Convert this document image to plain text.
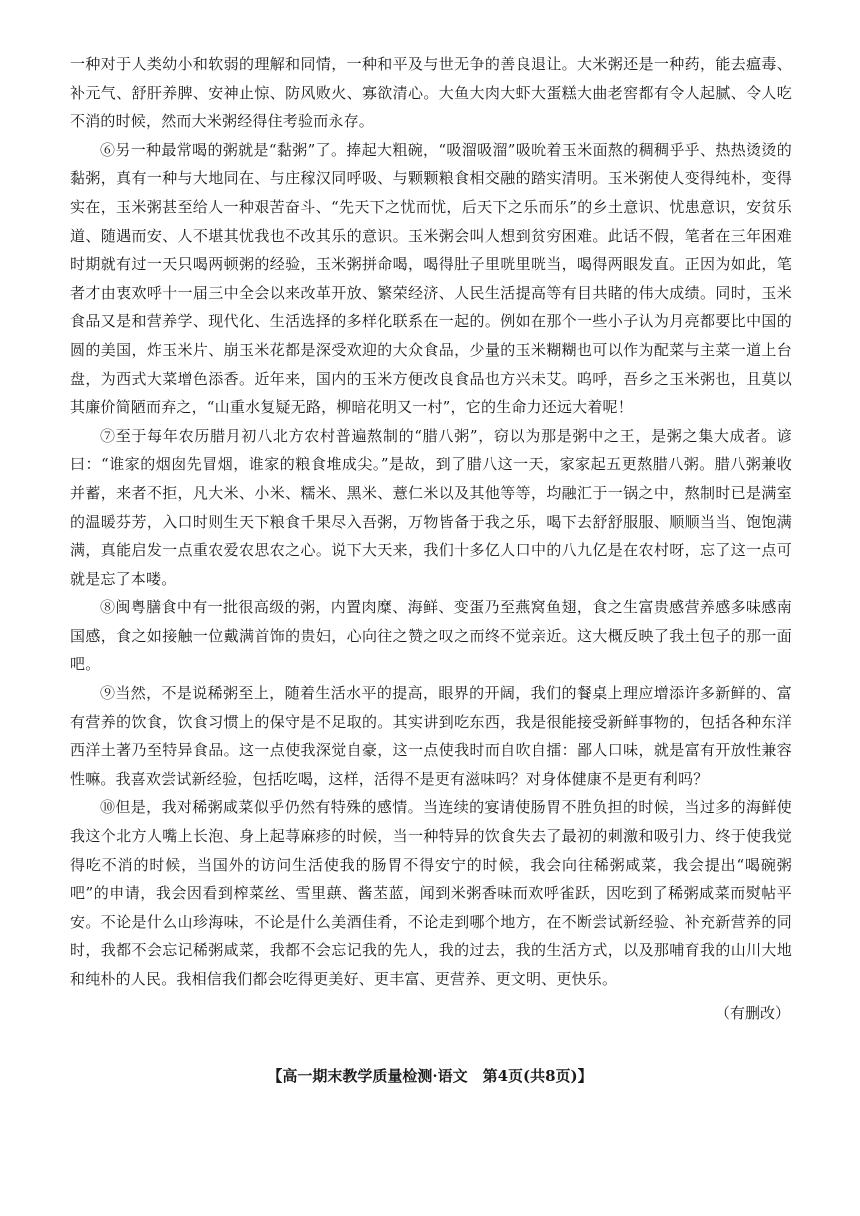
一种对于人类幼小和软弱的理解和同情，一种和平及与世无争的善良退让。大米粥还是一种药，能去瘟毒、补元气、舒肝养脾、安神止惊、防风败火、寡欲清心。大鱼大肉大虾大蛋糕大曲老窖都有令人起腻、令人吃不消的时候，然而大米粥经得住考验而永存。

⑥另一种最常喝的粥就是“黏粥”了。捧起大粗碗，“吸溜吸溜”吸吮着玉米面熬的稠稠乎乎、热热烫烫的黏粥，真有一种与大地同在、与庄稼汉同呼吸、与颗颗粮食相交融的踏实清明。玉米粥使人变得纯朴，变得实在，玉米粥甚至给人一种艰苦奋斗、“先天下之忧而忧，后天下之乐而乐”的乡土意识、忧患意识，安贫乐道、随遇而安、人不堪其忧我也不改其乐的意识。玉米粥会叫人想到贫穷困难。此话不假，笔者在三年困难时期就有过一天只喝两顿粥的经验，玉米粥拼命喝，喝得肚子里咣里咣当，喝得两眼发直。正因为如此，笔者才由衷欢呼十一届三中全会以来改革开放、繁荣经济、人民生活提高等有目共睹的伟大成绩。同时，玉米食品又是和营养学、现代化、生活选择的多样化联系在一起的。例如在那个一些小子认为月亮都要比中国的圆的美国，炸玉米片、崩玉米花都是深受欢迎的大众食品，少量的玉米糊糊也可以作为配菜与主菜一道上台盘，为西式大菜增色添香。近年来，国内的玉米方便改良食品也方兴未艾。呜呼，吾乡之玉米粥也，且莫以其廉价简陋而弃之，“山重水复疑无路，柳暗花明又一村”，它的生命力还远大着呢！

⑦至于每年农历腊月初八北方农村普遍熬制的“腊八粥”，窃以为那是粥中之王，是粥之集大成者。谚曰：“谁家的烟囱先冒烟，谁家的粮食堆成尖。”是故，到了腊八这一天，家家起五更熬腊八粥。腊八粥兼收并蓄，来者不拒，凡大米、小米、糯米、黑米、薏仁米以及其他等等，均融汇于一锅之中，熬制时已是满室的温暖芬芳，入口时则生天下粮食千果尽入吾粥，万物皆备于我之乐，喝下去舒舒服服、顺顺当当、饱饱满满，真能启发一点重农爱农思农之心。说下大天来，我们十多亿人口中的八九亿是在农村呀，忘了这一点可就是忘了本喽。

⑧闽粤膳食中有一批很高级的粥，内置肉糜、海鲜、变蛋乃至燕窝鱼翅，食之生富贵感营养感多味感南国感，食之如接触一位戴满首饰的贵妇，心向往之赞之叹之而终不觉亲近。这大概反映了我土包子的那一面吧。

⑨当然，不是说稀粥至上，随着生活水平的提高，眼界的开阔，我们的餐桌上理应增添许多新鲜的、富有营养的饮食，饮食习惯上的保守是不足取的。其实讲到吃东西，我是很能接受新鲜事物的，包括各种东洋西洋土著乃至特异食品。这一点使我深觉自豪，这一点使我时而自吹自擂：鄙人口味，就是富有开放性兼容性嘛。我喜欢尝试新经验，包括吃喝，这样，活得不是更有滋味吗？对身体健康不是更有利吗？

⑩但是，我对稀粥咸菜似乎仍然有特殊的感情。当连续的宴请使肠胃不胜负担的时候，当过多的海鲜使我这个北方人嘴上长泡、身上起荨麻疹的时候，当一种特异的饮食失去了最初的刺激和吸引力、终于使我觉得吃不消的时候，当国外的访问生活使我的肠胃不得安宁的时候，我会向往稀粥咸菜，我会提出“喝碗粥吧”的申请，我会因看到榨菜丝、雪里蕻、酱苤蓝，闻到米粥香味而欢呼雀跃，因吃到了稀粥咸菜而熨帖平安。不论是什么山珍海味，不论是什么美酒佳肴，不论走到哪个地方，在不断尝试新经验、补充新营养的同时，我都不会忘记稀粥咸菜，我都不会忘记我的先人，我的过去，我的生活方式，以及那哺育我的山川大地和纯朴的人民。我相信我们都会吃得更美好、更丰富、更营养、更文明、更快乐。

（有删改）
【高一期末教学质量检测·语文　第4页(共8页)】
